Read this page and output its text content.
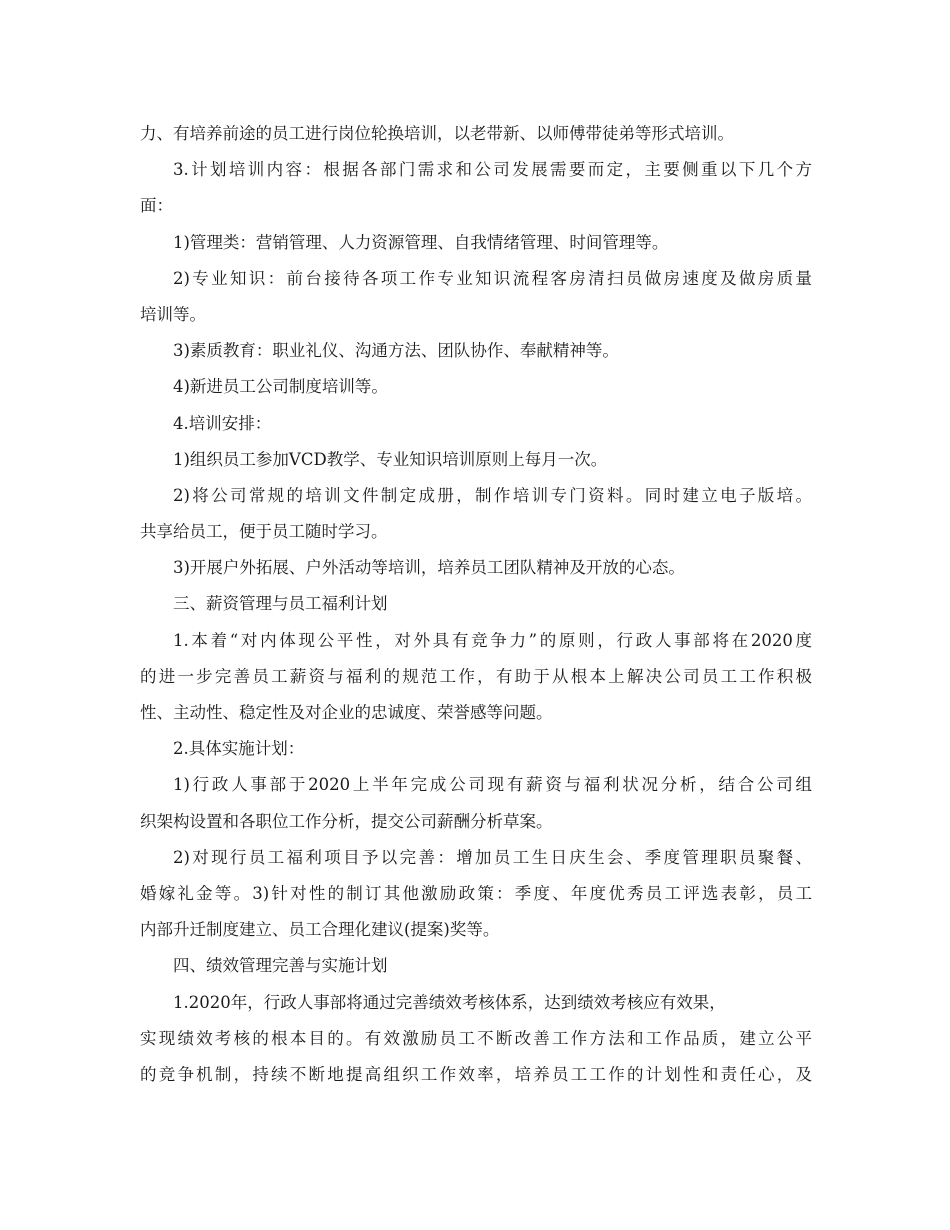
力、有培养前途的员工进行岗位轮换培训，以老带新、以师傅带徒弟等形式培训。
3.计划培训内容：根据各部门需求和公司发展需要而定，主要侧重以下几个方
面：
1)管理类：营销管理、人力资源管理、自我情绪管理、时间管理等。
2)专业知识：前台接待各项工作专业知识流程客房清扫员做房速度及做房质量
培训等。
3)素质教育：职业礼仪、沟通方法、团队协作、奉献精神等。
4)新进员工公司制度培训等。
4.培训安排：
1)组织员工参加VCD教学、专业知识培训原则上每月一次。
2)将公司常规的培训文件制定成册，制作培训专门资料。同时建立电子版培。
共享给员工，便于员工随时学习。
3)开展户外拓展、户外活动等培训，培养员工团队精神及开放的心态。
三、薪资管理与员工福利计划
1.本着“对内体现公平性，对外具有竞争力”的原则，行政人事部将在2020度
的进一步完善员工薪资与福利的规范工作，有助于从根本上解决公司员工工作积极
性、主动性、稳定性及对企业的忠诚度、荣誉感等问题。
2.具体实施计划：
1)行政人事部于2020上半年完成公司现有薪资与福利状况分析，结合公司组
织架构设置和各职位工作分析，提交公司薪酬分析草案。
2)对现行员工福利项目予以完善：增加员工生日庆生会、季度管理职员聚餐、
婚嫁礼金等。3)针对性的制订其他激励政策：季度、年度优秀员工评选表彰，员工
内部升迁制度建立、员工合理化建议(提案)奖等。
四、绩效管理完善与实施计划
1.2020年，行政人事部将通过完善绩效考核体系，达到绩效考核应有效果，
实现绩效考核的根本目的。有效激励员工不断改善工作方法和工作品质，建立公平
的竞争机制，持续不断地提高组织工作效率，培养员工工作的计划性和责任心，及
